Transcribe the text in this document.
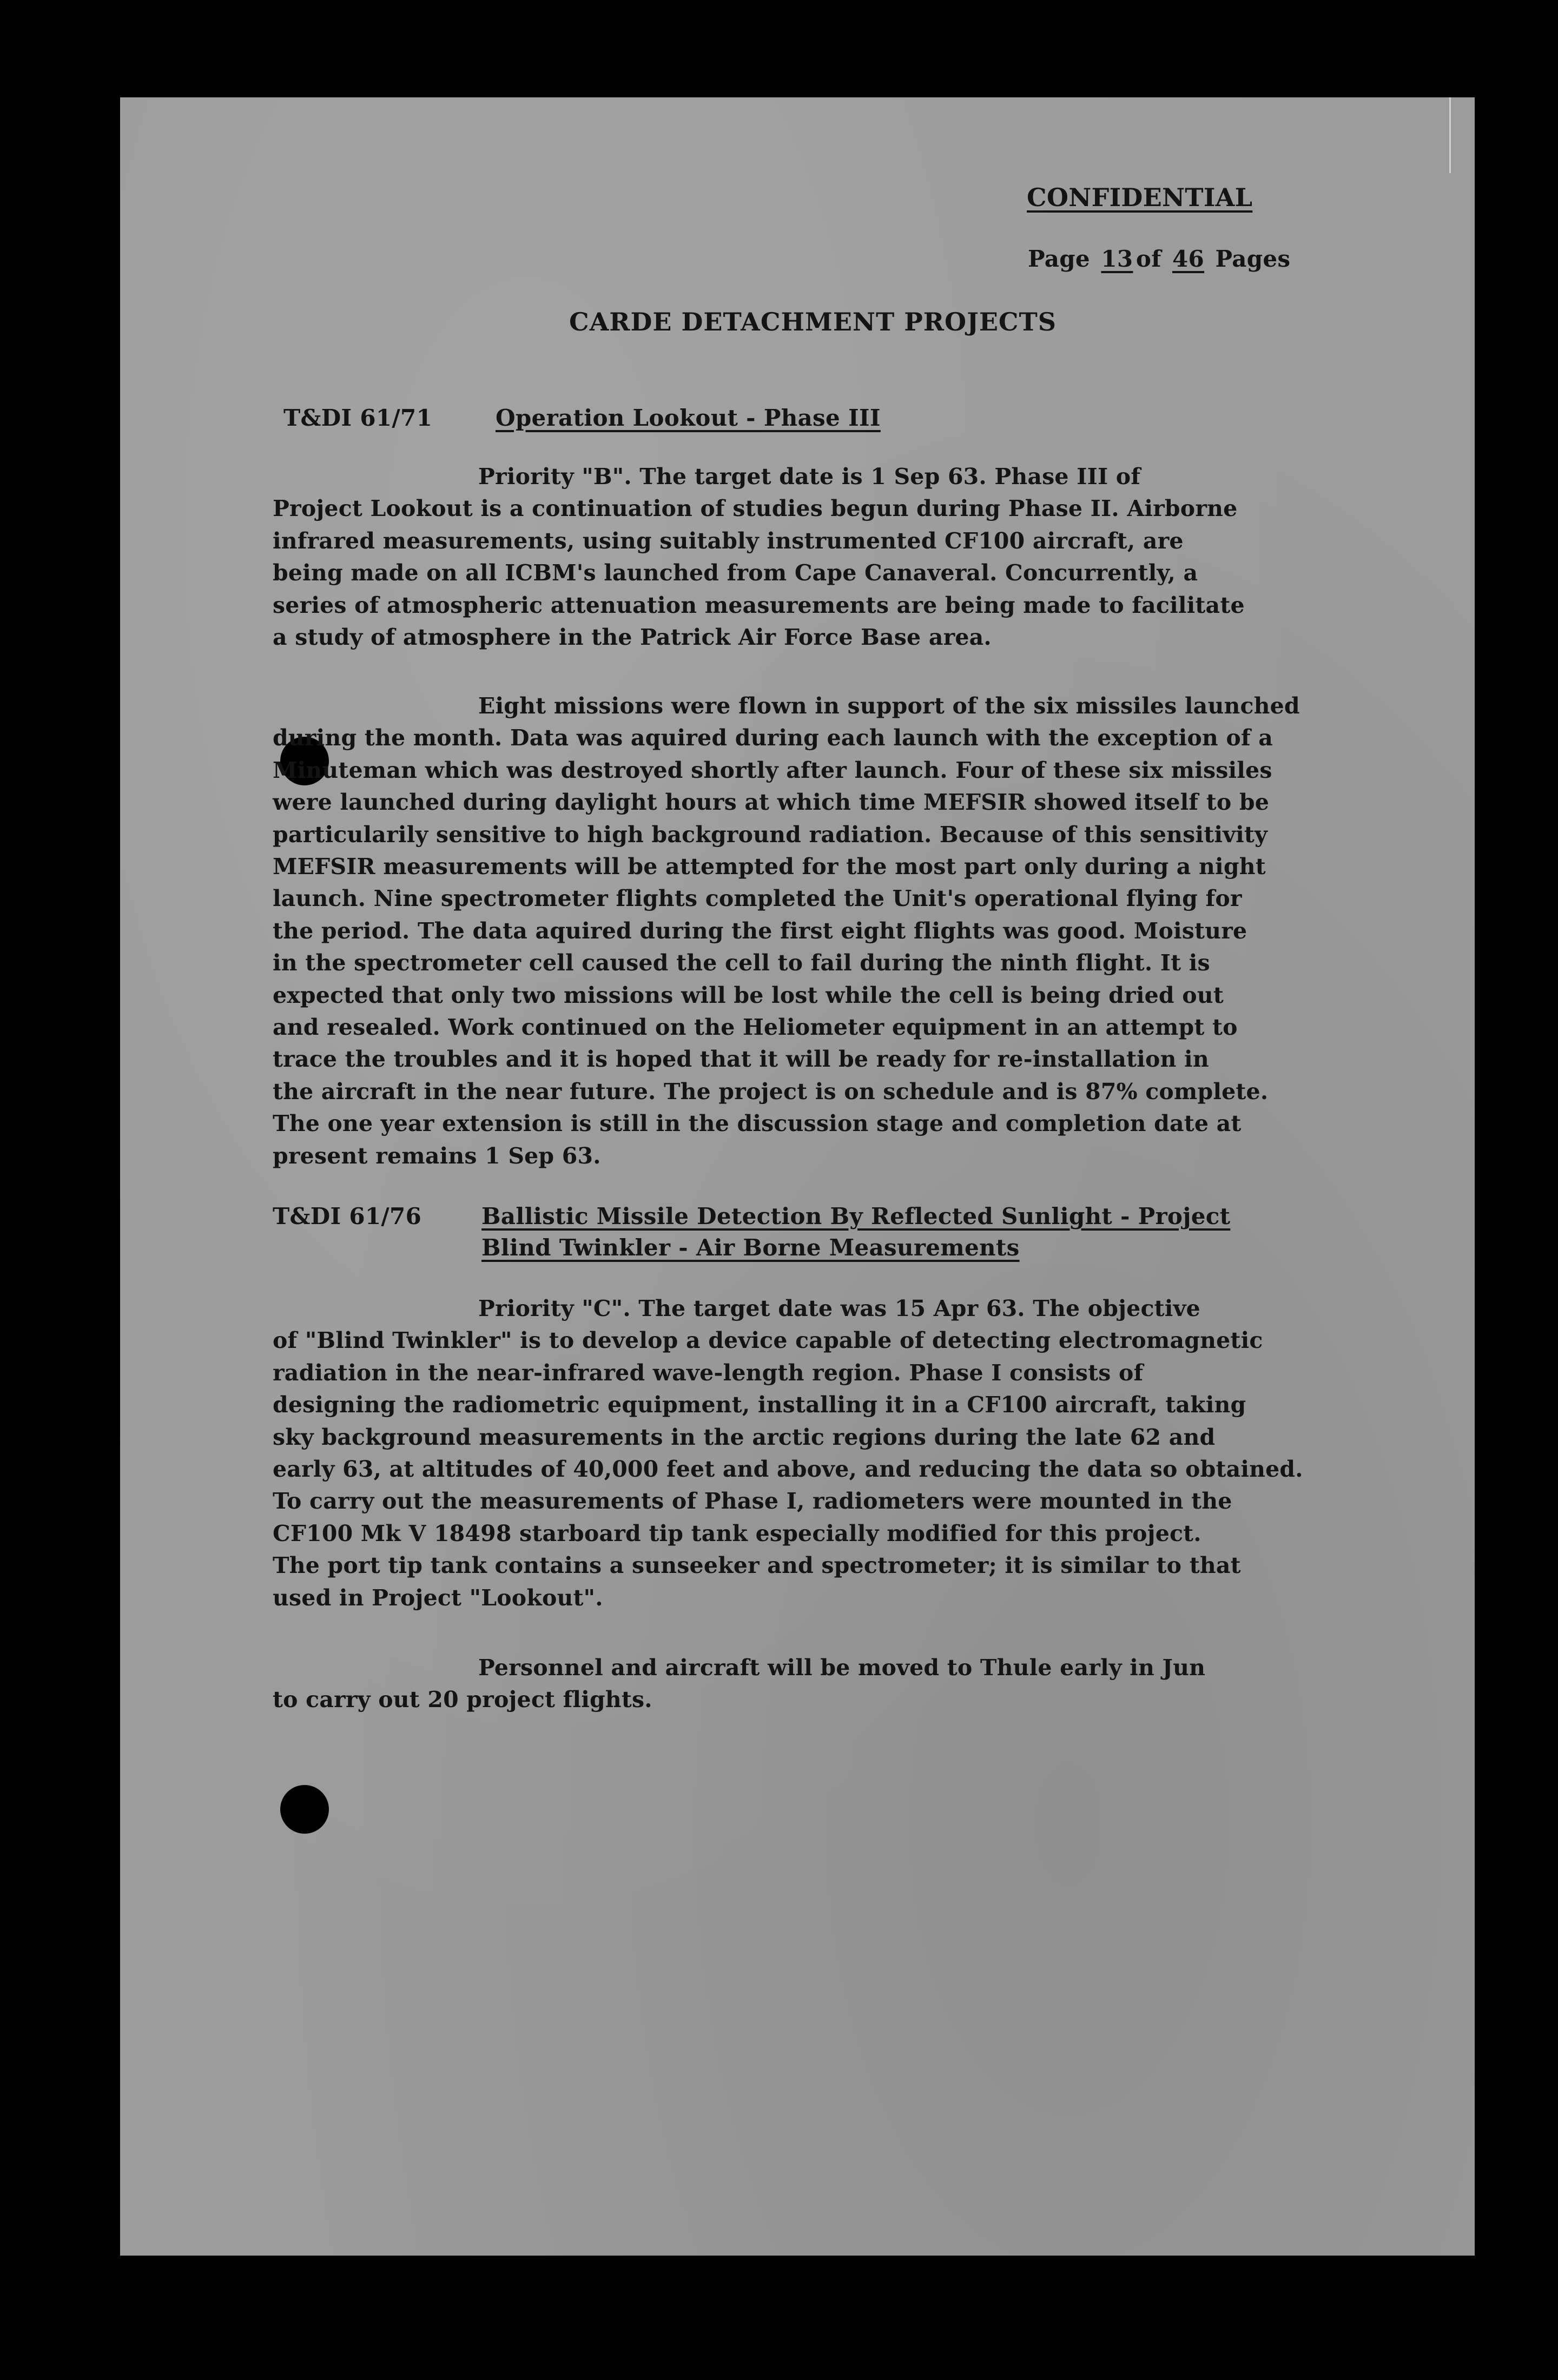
CONFIDENTIAL
Page 13 of 46 Pages
CARDE DETACHMENT PROJECTS
T&DI 61/71	Operation Lookout - Phase III
Priority "B". The target date is 1 Sep 63. Phase III of
Project Lookout is a continuation of studies begun during Phase II. Airborne
infrared measurements, using suitably instrumented CF100 aircraft, are
being made on all ICBM's launched from Cape Canaveral. Concurrently, a
series of atmospheric attenuation measurements are being made to facilitate
a study of atmosphere in the Patrick Air Force Base area.
Eight missions were flown in support of the six missiles launched
during the month. Data was aquired during each launch with the exception of a
Minuteman which was destroyed shortly after launch. Four of these six missiles
were launched during daylight hours at which time MEFSIR showed itself to be
particularily sensitive to high background radiation. Because of this sensitivity
MEFSIR measurements will be attempted for the most part only during a night
launch. Nine spectrometer flights completed the Unit's operational flying for
the period. The data aquired during the first eight flights was good. Moisture
in the spectrometer cell caused the cell to fail during the ninth flight. It is
expected that only two missions will be lost while the cell is being dried out
and resealed. Work continued on the Heliometer equipment in an attempt to
trace the troubles and it is hoped that it will be ready for re-installation in
the aircraft in the near future. The project is on schedule and is 87% complete.
The one year extension is still in the discussion stage and completion date at
present remains 1 Sep 63.
T&DI 61/76	Ballistic Missile Detection By Reflected Sunlight - Project
Blind Twinkler - Air Borne Measurements
Priority "C". The target date was 15 Apr 63. The objective
of "Blind Twinkler" is to develop a device capable of detecting electromagnetic
radiation in the near-infrared wave-length region. Phase I consists of
designing the radiometric equipment, installing it in a CF100 aircraft, taking
sky background measurements in the arctic regions during the late 62 and
early 63, at altitudes of 40,000 feet and above, and reducing the data so obtained.
To carry out the measurements of Phase I, radiometers were mounted in the
CF100 Mk V 18498 starboard tip tank especially modified for this project.
The port tip tank contains a sunseeker and spectrometer; it is similar to that
used in Project "Lookout".
Personnel and aircraft will be moved to Thule early in Jun
to carry out 20 project flights.
